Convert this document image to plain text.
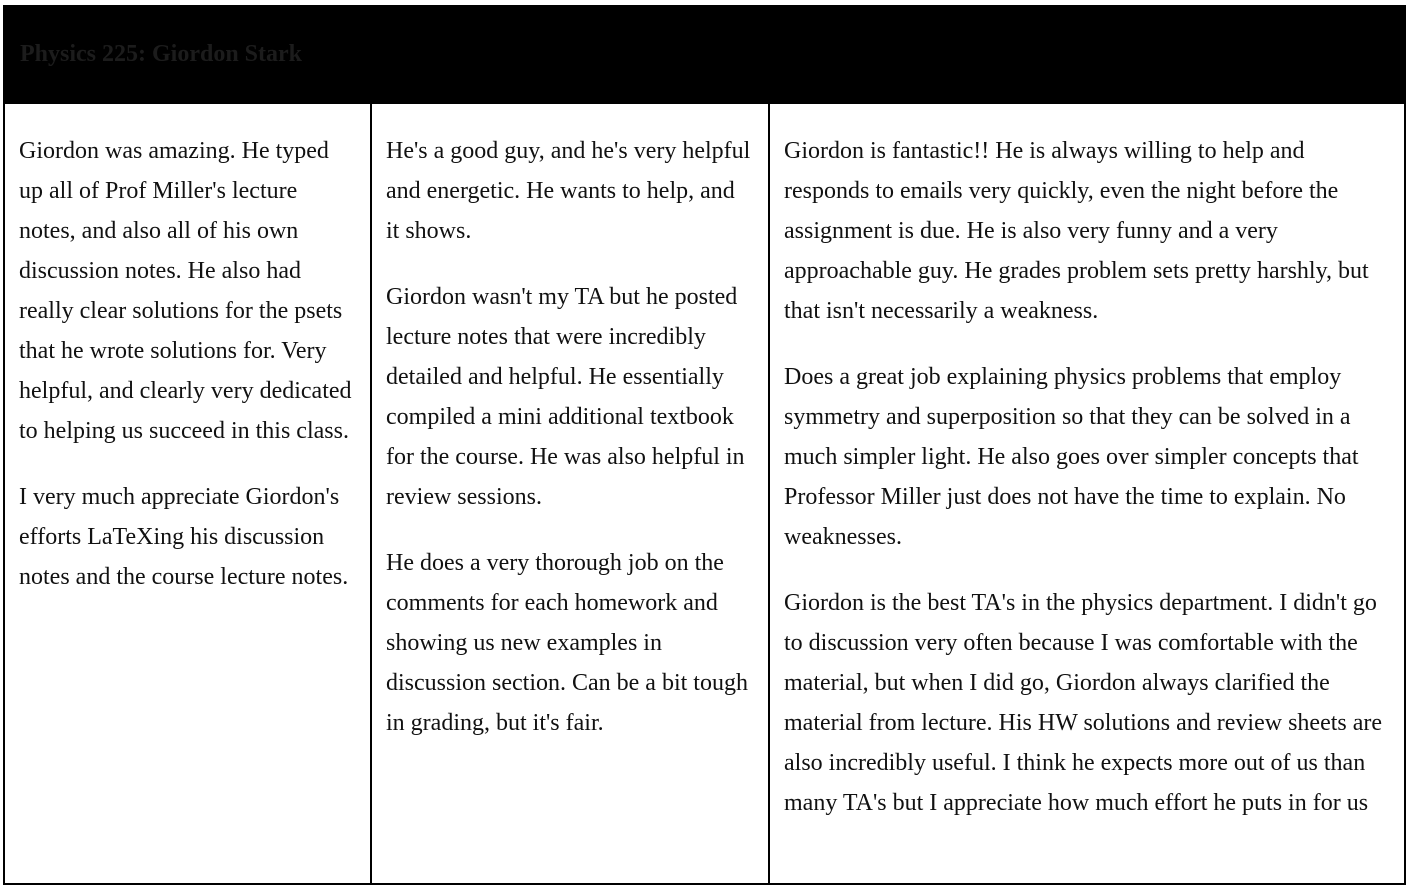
Physics 225: Giordon Stark

Giordon was amazing. He typed up all of Prof Miller's lecture notes, and also all of his own discussion notes. He also had really clear solutions for the psets that he wrote solutions for. Very helpful, and clearly very dedicated to helping us succeed in this class.

I very much appreciate Giordon's efforts LaTeXing his discussion notes and the course lecture notes.

He's a good guy, and he's very helpful and energetic. He wants to help, and it shows.

Giordon wasn't my TA but he posted lecture notes that were incredibly detailed and helpful. He essentially compiled a mini additional textbook for the course. He was also helpful in review sessions.

He does a very thorough job on the comments for each homework and showing us new examples in discussion section. Can be a bit tough in grading, but it's fair.

Giordon is fantastic!! He is always willing to help and responds to emails very quickly, even the night before the assignment is due. He is also very funny and a very approachable guy. He grades problem sets pretty harshly, but that isn't necessarily a weakness.

Does a great job explaining physics problems that employ symmetry and superposition so that they can be solved in a much simpler light. He also goes over simpler concepts that Professor Miller just does not have the time to explain. No weaknesses.

Giordon is the best TA's in the physics department. I didn't go to discussion very often because I was comfortable with the material, but when I did go, Giordon always clarified the material from lecture. His HW solutions and review sheets are also incredibly useful. I think he expects more out of us than many TA's but I appreciate how much effort he puts in for us
